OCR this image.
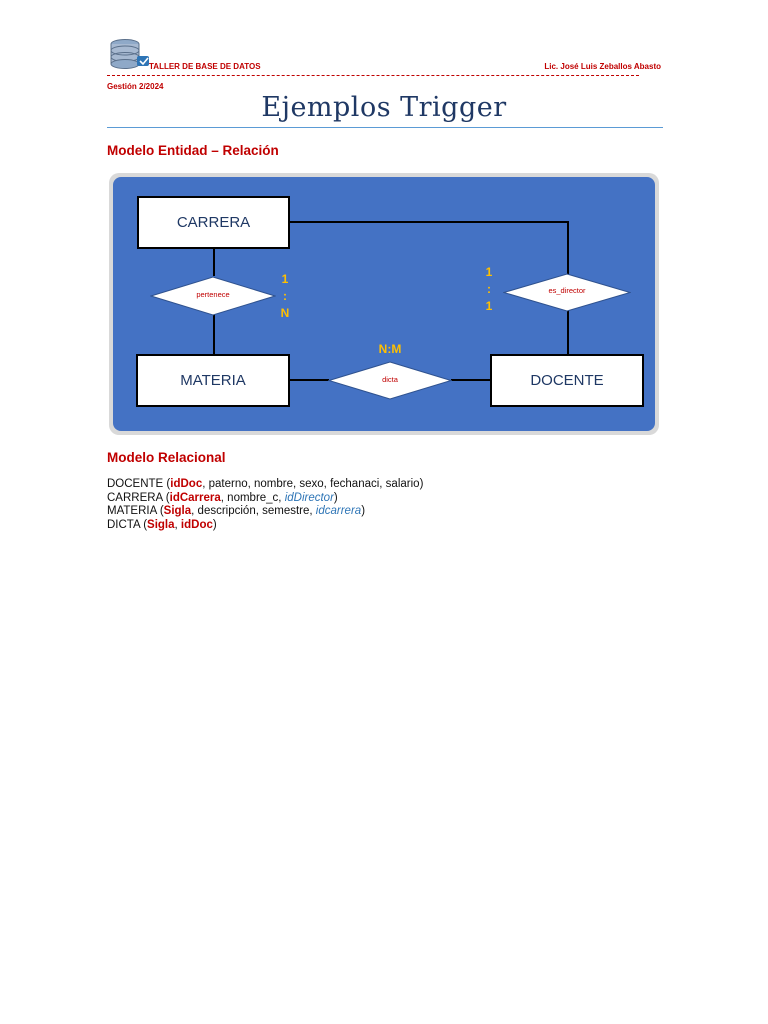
TALLER DE BASE DE DATOS	Lic. José Luis Zeballos Abasto
Gestión 2/2024
Ejemplos Trigger
Modelo Entidad – Relación
CARRERA
MATERIA	DOCENTE
pertenece
dicta
es_director
1
:
N
N:M
1
:
1
Modelo Relacional
DOCENTE (idDoc, paterno, nombre, sexo, fechanaci, salario)
CARRERA (idCarrera, nombre_c, idDirector)
MATERIA (Sigla, descripción, semestre, idcarrera)
DICTA (Sigla, idDoc)
